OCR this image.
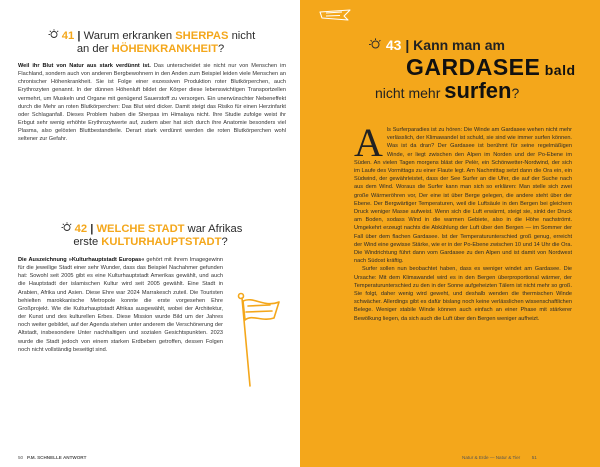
41 | Warum erkranken SHERPAS nicht
an der HÖHENKRANKHEIT?
Weil ihr Blut von Natur aus stark verdünnt ist. Das unterscheidet sie nicht nur von Menschen im Flachland, sondern auch von anderen Bergbewohnern in den Anden zum Beispiel leiden viele Menschen an chronischer Höhenkrankheit. Sie ist Folge einer exzessiven Produktion roter Blutkörperchen, auch Erythrozyten genannt. In der dünnen Höhenluft bildet der Körper diese lebenswichtigen Transportzellen vermehrt, um Muskeln und Organe mit genügend Sauerstoff zu versorgen. Ein unerwünschter Nebeneffekt durch die Mehr an roten Blutkörperchen: Das Blut wird dicker. Damit steigt das Risiko für einen Herzinfarkt oder Schlaganfall. Dieses Problem haben die Sherpas im Himalaya nicht. Ihre Studie zufolge weist ihr Erbgut sehr wenig erhöhte Erythrozytwerte auf, zudem aber hat sich durch ihre Anatomie besonders viel Plasma, also gelösten Bluttbestandteile. Derart stark verdünnt werden die roten Blutkörperchen wohl seltener zur Gefahr.
42 | WELCHE STADT war Afrikas
erste KULTURHAUPTSTADT?
Die Auszeichnung »Kulturhauptstadt Europas« gehört mit ihrem Imagegewinn für die jeweilige Stadt einer sehr Wunder, dass das Beispiel Nachahmer gefunden hat: Sowohl seit 2005 gibt es eine Kulturhauptstadt Amerikas gewählt, und auch die Hauptstadt der islamischen Kultur wird seit 2005 gewählt. Eine Stadt in Arabien, Afrika und Asien. Diese Ehre war 2024 Marrakesch zuteil. Die Touristen behielten marokkanische Metropole konnte die erste vorgesehen Ehre Großprojekt. Wie die Kulturhauptstadt Afrikas ausgewählt, wobei der Architektur, der Kunst und des kulturellen Erbes. Diese Mission wurde Bild um der Jahres noch weiter gebildet, auf der Agenda stehen unter anderem die Verschönerung der Altstadt, insbesondere Unter nachhaltigen und sozialen Gesichtspunkten. 2023 wurde die Stadt jedoch von einem starken Erdbeben getroffen, dessen Folgen noch nicht vollständig beseitigt sind.
50 P.M. SCHNELLE ANTWORT
43 | Kann man am
GARDASEE bald
nicht mehr surfen?
A ls Surferparadies ist zu hören: Die Winde am Gardasee wehen nicht mehr verlässlich, der Klimawandel ist schuld, sie sind wie immer surfen können. Was ist da dran? Der Gardasee ist berühmt für seine regelmäßigen Winde, er liegt zwischen den Alpen im Norden und der Po-Ebene im Süden. An vielen Tagen morgens bläst der Pelèr, ein Schönwetter-Nordwind, der sich im Laufe des Vormittags zu einer Flaute legt. Am Nachmittag setzt dann die Ora ein, ein Südwind, der gewährleistet, dass der See Surfer an die Ufer, die auf der Suche nach aus dem Wind. Woraus die Surfer kann man sich so erklären: Man stelle sich zwei große Wärmeröhren vor, Der eine ist über Berge gelegen, die andere steht über der Ebene. Der Bergwärtiger Temperaturen, weil die Luftsäule in den Bergen bei gleichem Druck weniger Masse aufweist. Wenn sich die Luft erwärmt, steigt sie, sinkt der Druck am Boden, sodass Wind in die warmen Gebiete, also in die Höhe nachströmt. Umgekehrt erzeugt nachts die Abkühlung der Luft über den Bergen — im Sommer der Fall über dem flachen Gardasee. Ist der Temperaturunterschied groß genug, erreicht der Wind eine gewisse Stärke, wie er in der Po-Ebene zwischen 10 und 14 Uhr die Ora. Die Windrichtung führt dann vom Gardasee zu den Alpen und ist damit von Nordwest nach Südost kräftig.
Surfer sollen nun beobachtet haben, dass es weniger windet am Gardasee. Die Ursache: Mit dem Klimawandel wird es in den Bergen überproportional wärmer, der Temperaturunterschied zu den in der Sonne aufgeheizten Tälern ist nicht mehr so groß. Sie folgt, daher wenig wird geweht, und deshalb wenden die thermischen Winde schwächer. Allerdings gibt es dafür bislang noch keine verlässlichen wissenschaftlichen Belege. Weniger stabile Winde können auch einfach an einer Phase mit stärkerer Bewölkung liegen, da sich auch die Luft über den Bergen weniger aufheizt.
Natur & Erde — Natur & Tier	51
